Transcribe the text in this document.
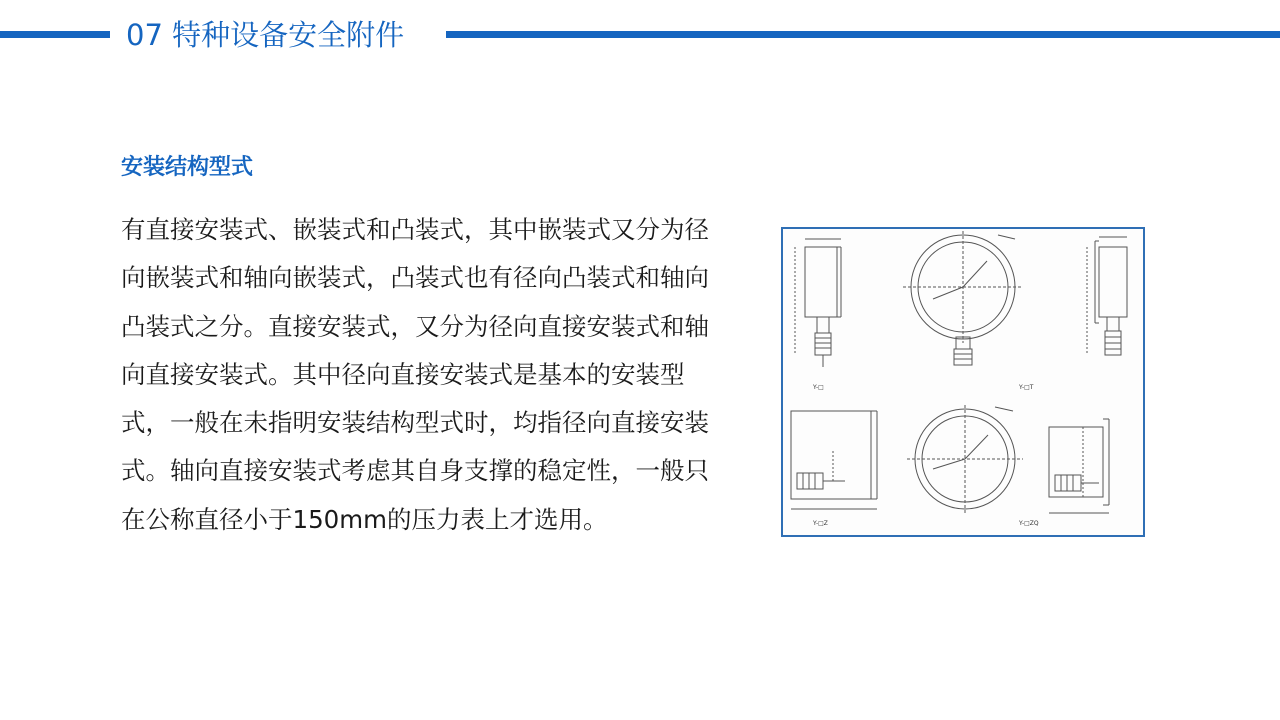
07 特种设备安全附件
安装结构型式

有直接安装式、嵌装式和凸装式，其中嵌装式又分为径向嵌装式和轴向嵌装式，凸装式也有径向凸装式和轴向凸装式之分。直接安装式，又分为径向直接安装式和轴向直接安装式。其中径向直接安装式是基本的安装型式，一般在未指明安装结构型式时，均指径向直接安装式。轴向直接安装式考虑其自身支撑的稳定性，一般只在公称直径小于150mm的压力表上才选用。

Y-□	Y-□T
Y-□Z	Y-□ZQ
